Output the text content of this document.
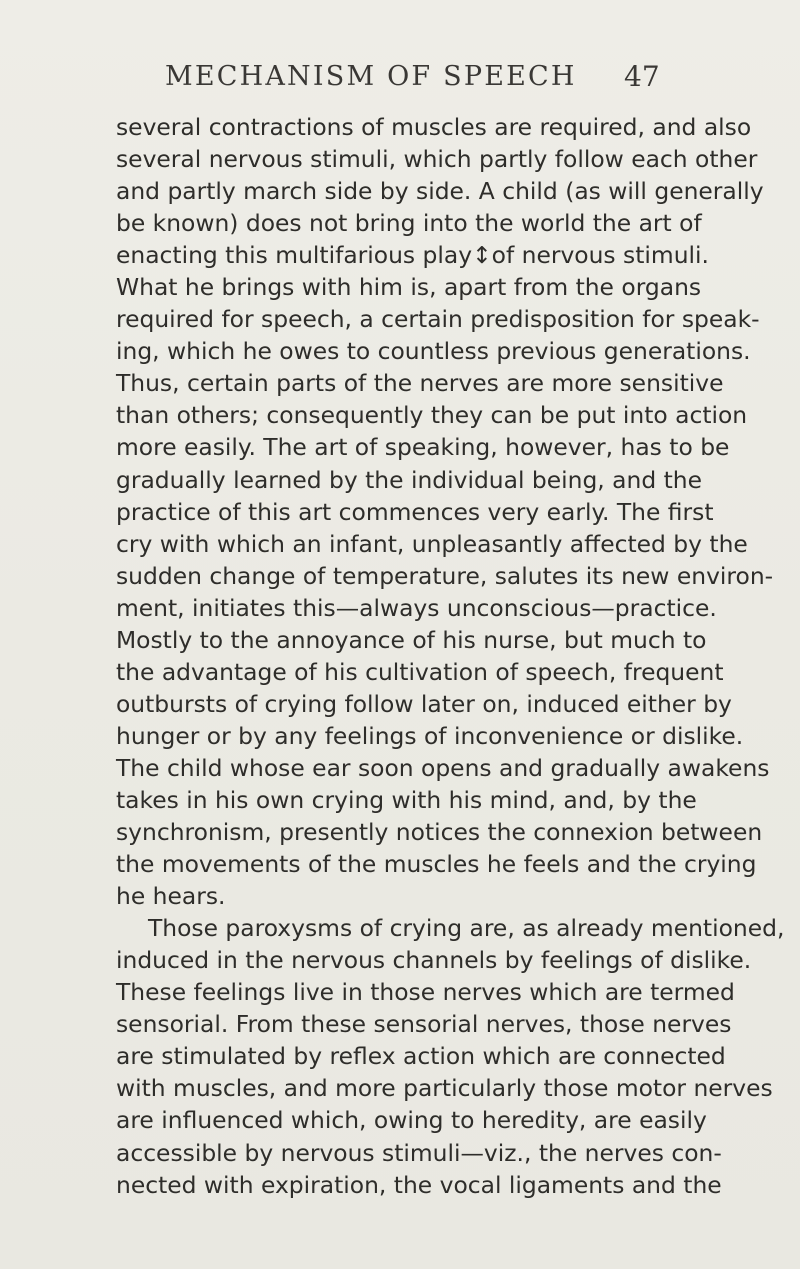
MECHANISM OF SPEECH 47
several contractions of muscles are required, and also
several nervous stimuli, which partly follow each other
and partly march side by side. A child (as will generally
be known) does not bring into the world the art of
enacting this multifarious play↕of nervous stimuli.
What he brings with him is, apart from the organs
required for speech, a certain predisposition for speak-
ing, which he owes to countless previous generations.
Thus, certain parts of the nerves are more sensitive
than others; consequently they can be put into action
more easily. The art of speaking, however, has to be
gradually learned by the individual being, and the
practice of this art commences very early. The first
cry with which an infant, unpleasantly affected by the
sudden change of temperature, salutes its new environ-
ment, initiates this—always unconscious—practice.
Mostly to the annoyance of his nurse, but much to
the advantage of his cultivation of speech, frequent
outbursts of crying follow later on, induced either by
hunger or by any feelings of inconvenience or dislike.
The child whose ear soon opens and gradually awakens
takes in his own crying with his mind, and, by the
synchronism, presently notices the connexion between
the movements of the muscles he feels and the crying
he hears.
Those paroxysms of crying are, as already mentioned,
induced in the nervous channels by feelings of dislike.
These feelings live in those nerves which are termed
sensorial. From these sensorial nerves, those nerves
are stimulated by reflex action which are connected
with muscles, and more particularly those motor nerves
are influenced which, owing to heredity, are easily
accessible by nervous stimuli—viz., the nerves con-
nected with expiration, the vocal ligaments and the
